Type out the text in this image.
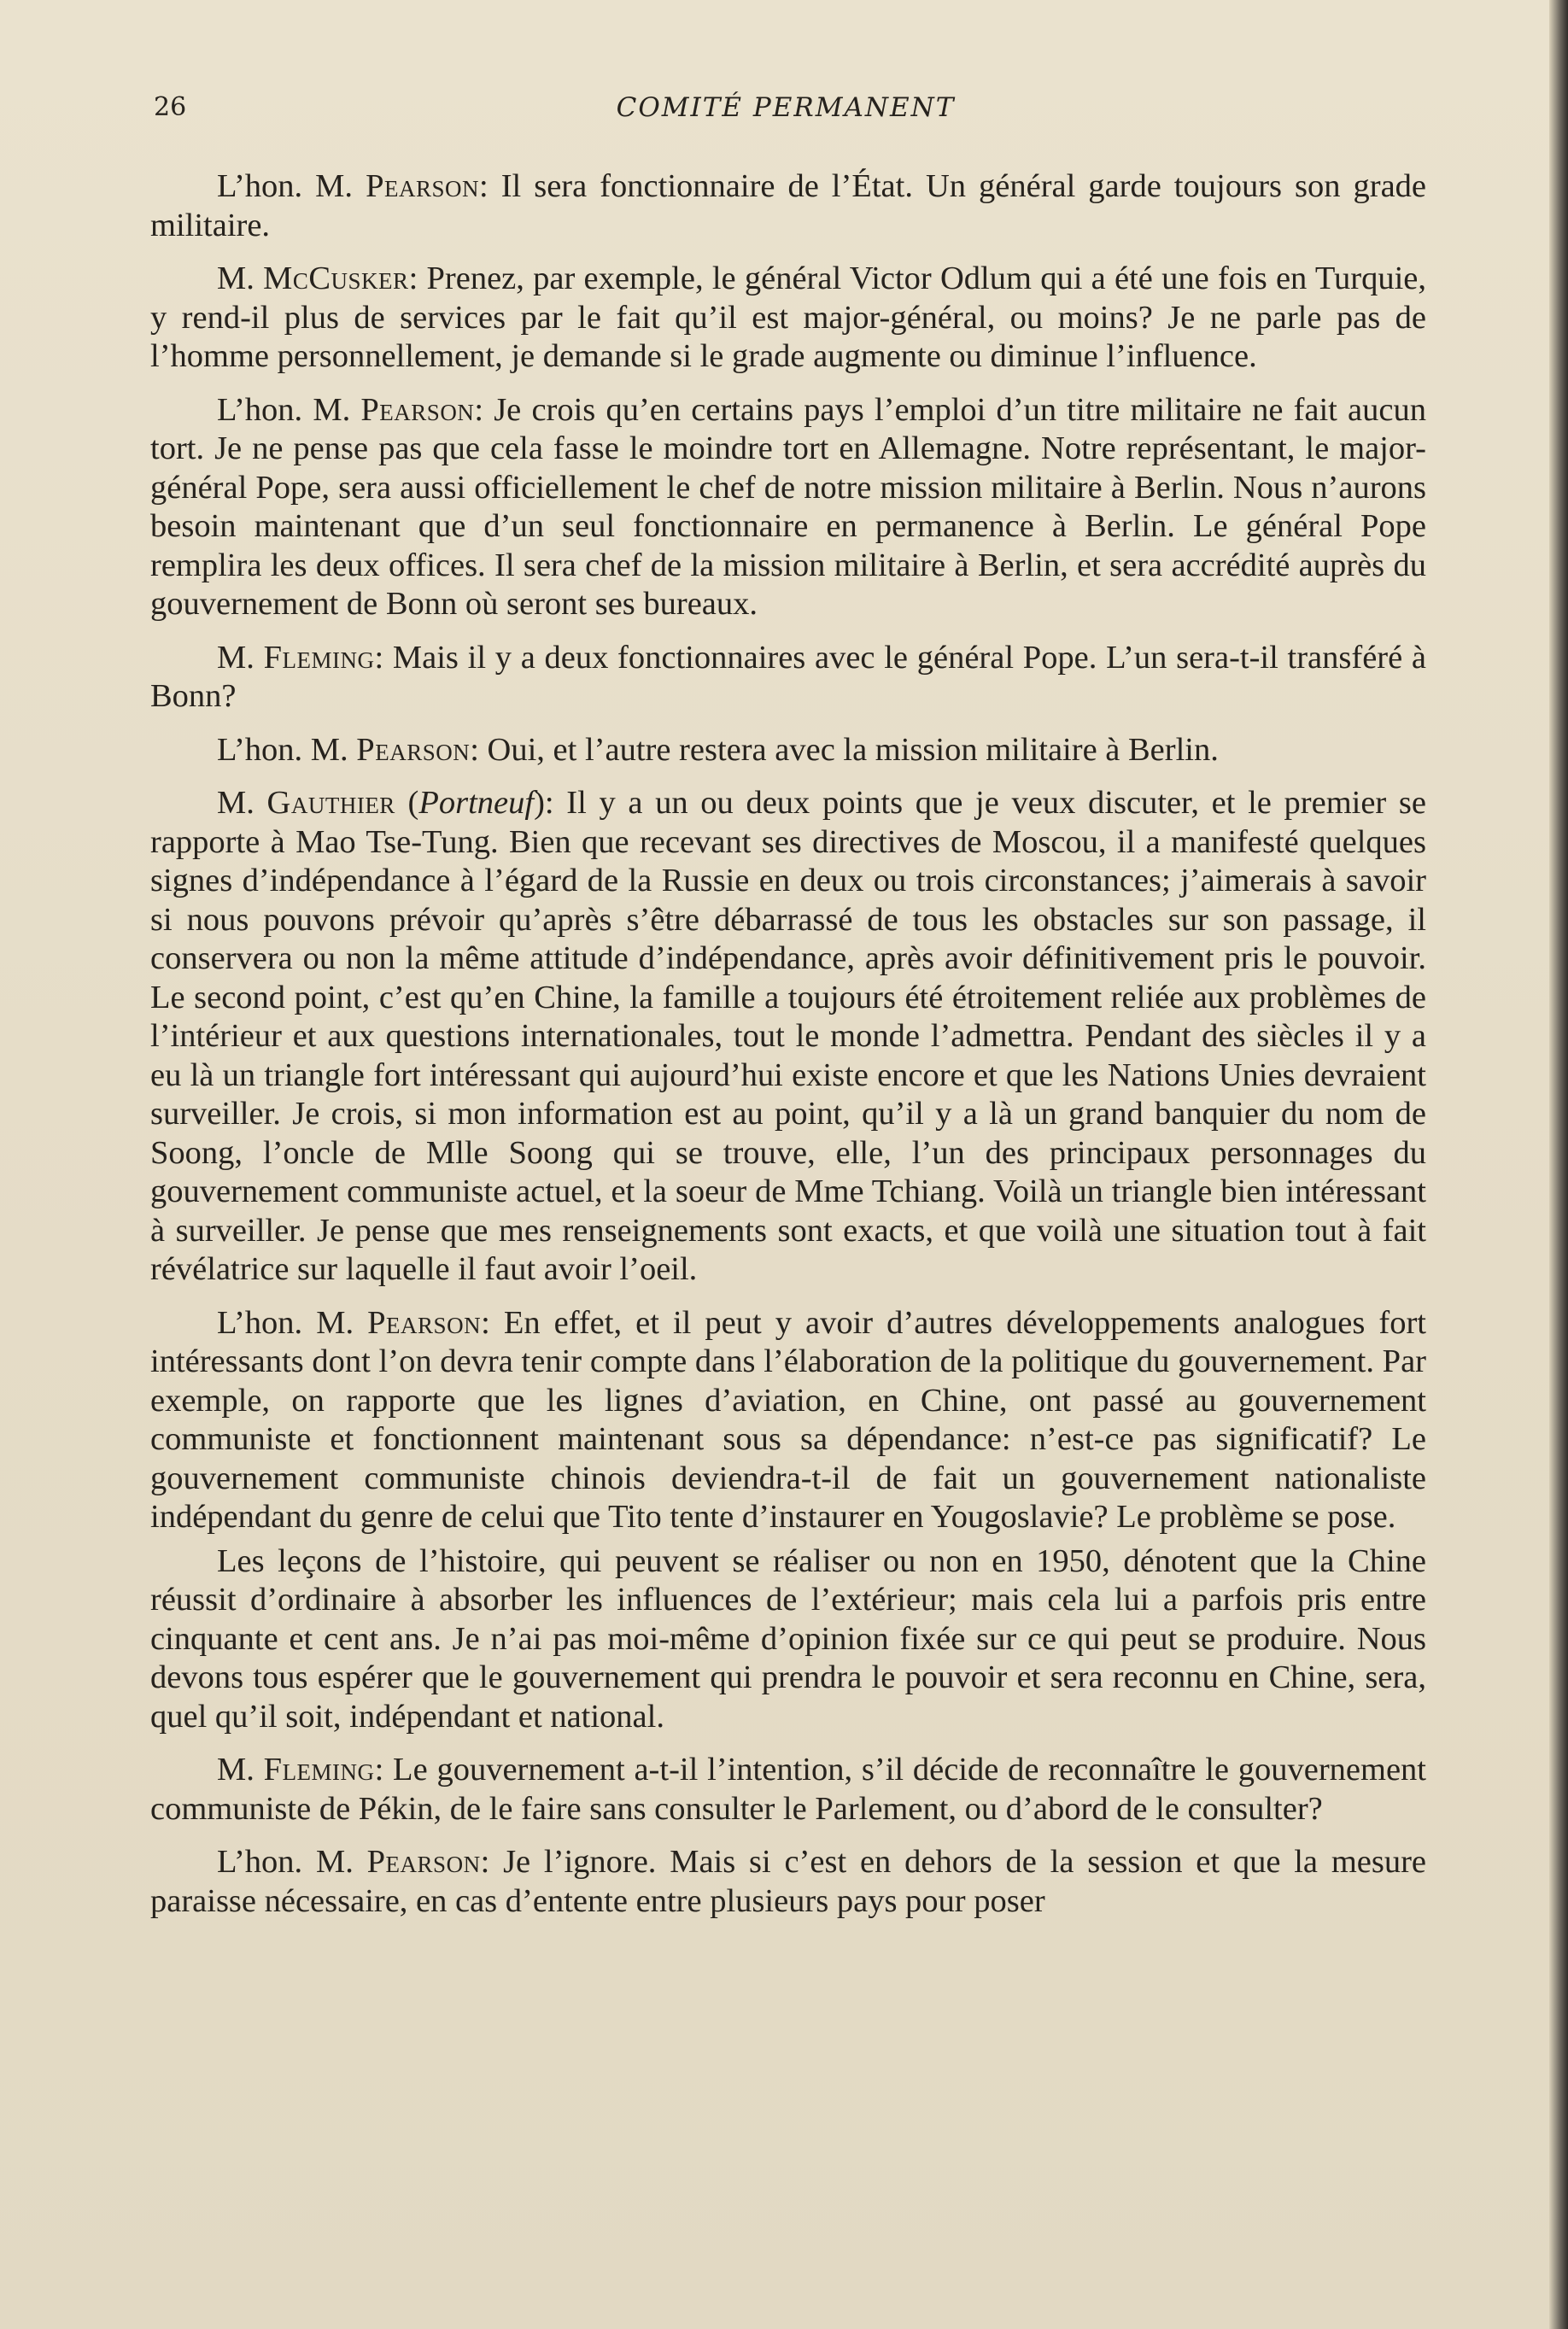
26	COMITÉ PERMANENT

L’hon. M. Pearson: Il sera fonctionnaire de l’État. Un général garde toujours son grade militaire.

M. McCusker: Prenez, par exemple, le général Victor Odlum qui a été une fois en Turquie, y rend-il plus de services par le fait qu’il est major-général, ou moins? Je ne parle pas de l’homme personnellement, je demande si le grade augmente ou diminue l’influence.

L’hon. M. Pearson: Je crois qu’en certains pays l’emploi d’un titre militaire ne fait aucun tort. Je ne pense pas que cela fasse le moindre tort en Allemagne. Notre représentant, le major-général Pope, sera aussi officiellement le chef de notre mission militaire à Berlin. Nous n’aurons besoin maintenant que d’un seul fonctionnaire en permanence à Berlin. Le général Pope remplira les deux offices. Il sera chef de la mission militaire à Berlin, et sera accrédité auprès du gouvernement de Bonn où seront ses bureaux.

M. Fleming: Mais il y a deux fonctionnaires avec le général Pope. L’un sera-t-il transféré à Bonn?

L’hon. M. Pearson: Oui, et l’autre restera avec la mission militaire à Berlin.

M. Gauthier (Portneuf): Il y a un ou deux points que je veux discuter, et le premier se rapporte à Mao Tse-Tung. Bien que recevant ses directives de Moscou, il a manifesté quelques signes d’indépendance à l’égard de la Russie en deux ou trois circonstances; j’aimerais à savoir si nous pouvons prévoir qu’après s’être débarrassé de tous les obstacles sur son passage, il conservera ou non la même attitude d’indépendance, après avoir définitivement pris le pouvoir. Le second point, c’est qu’en Chine, la famille a toujours été étroitement reliée aux problèmes de l’intérieur et aux questions internationales, tout le monde l’admettra. Pendant des siècles il y a eu là un triangle fort intéressant qui aujourd’hui existe encore et que les Nations Unies devraient surveiller. Je crois, si mon information est au point, qu’il y a là un grand banquier du nom de Soong, l’oncle de Mlle Soong qui se trouve, elle, l’un des principaux personnages du gouvernement communiste actuel, et la soeur de Mme Tchiang. Voilà un triangle bien intéressant à surveiller. Je pense que mes renseignements sont exacts, et que voilà une situation tout à fait révélatrice sur laquelle il faut avoir l’oeil.

L’hon. M. Pearson: En effet, et il peut y avoir d’autres développements analogues fort intéressants dont l’on devra tenir compte dans l’élaboration de la politique du gouvernement. Par exemple, on rapporte que les lignes d’aviation, en Chine, ont passé au gouvernement communiste et fonctionnent maintenant sous sa dépendance: n’est-ce pas significatif? Le gouvernement communiste chinois deviendra-t-il de fait un gouvernement nationaliste indépendant du genre de celui que Tito tente d’instaurer en Yougoslavie? Le problème se pose.

Les leçons de l’histoire, qui peuvent se réaliser ou non en 1950, dénotent que la Chine réussit d’ordinaire à absorber les influences de l’extérieur; mais cela lui a parfois pris entre cinquante et cent ans. Je n’ai pas moi-même d’opinion fixée sur ce qui peut se produire. Nous devons tous espérer que le gouvernement qui prendra le pouvoir et sera reconnu en Chine, sera, quel qu’il soit, indépendant et national.

M. Fleming: Le gouvernement a-t-il l’intention, s’il décide de reconnaître le gouvernement communiste de Pékin, de le faire sans consulter le Parlement, ou d’abord de le consulter?

L’hon. M. Pearson: Je l’ignore. Mais si c’est en dehors de la session et que la mesure paraisse nécessaire, en cas d’entente entre plusieurs pays pour poser
